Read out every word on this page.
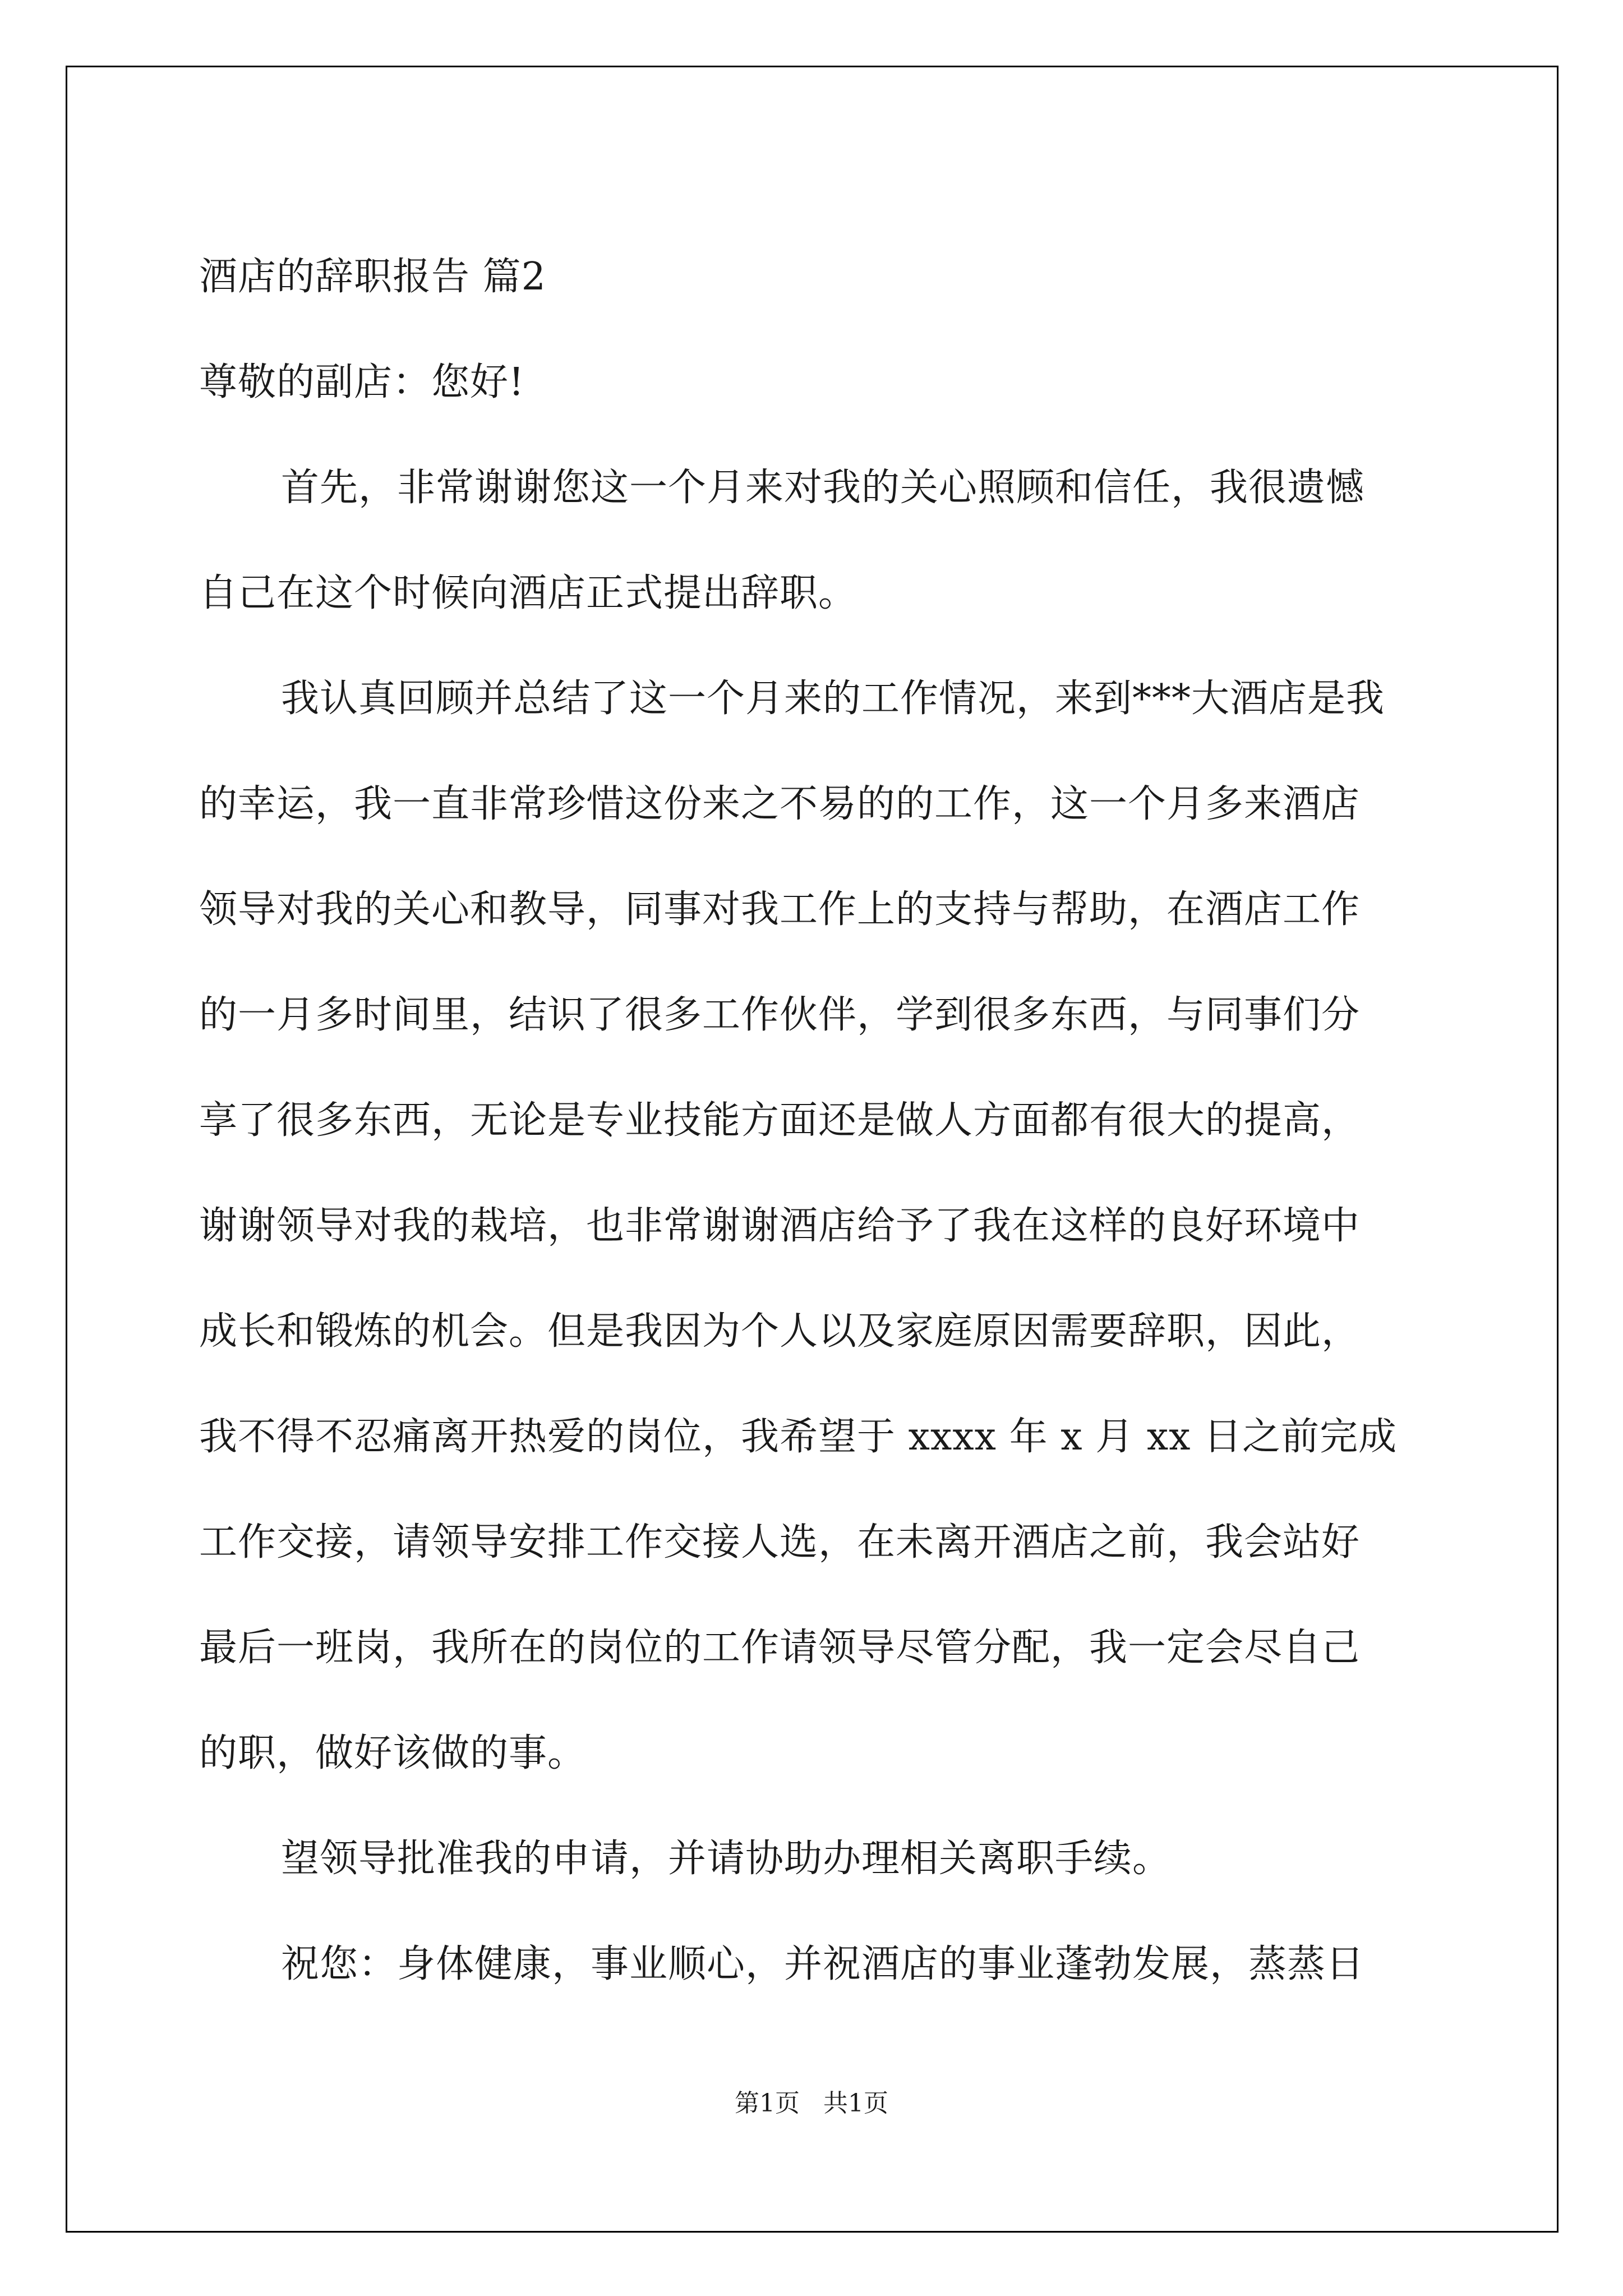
酒店的辞职报告 篇2
尊敬的副店：您好!
首先，非常谢谢您这一个月来对我的关心照顾和信任，我很遗憾
自己在这个时候向酒店正式提出辞职。
我认真回顾并总结了这一个月来的工作情况，来到***大酒店是我
的幸运，我一直非常珍惜这份来之不易的的工作，这一个月多来酒店
领导对我的关心和教导，同事对我工作上的支持与帮助，在酒店工作
的一月多时间里，结识了很多工作伙伴，学到很多东西，与同事们分
享了很多东西，无论是专业技能方面还是做人方面都有很大的提高，
谢谢领导对我的栽培，也非常谢谢酒店给予了我在这样的良好环境中
成长和锻炼的机会。但是我因为个人以及家庭原因需要辞职，因此，
我不得不忍痛离开热爱的岗位，我希望于 xxxx 年 x 月 xx 日之前完成
工作交接，请领导安排工作交接人选，在未离开酒店之前，我会站好
最后一班岗，我所在的岗位的工作请领导尽管分配，我一定会尽自己
的职，做好该做的事。
望领导批准我的申请，并请协助办理相关离职手续。
祝您：身体健康，事业顺心，并祝酒店的事业蓬勃发展，蒸蒸日
第1页 共1页
